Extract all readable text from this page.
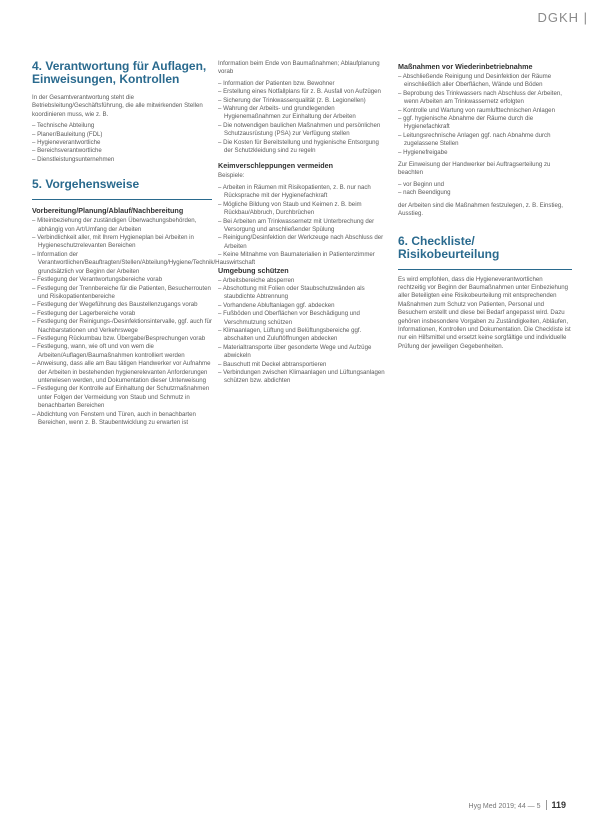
DGKH |
4. Verantwortung für Auflagen, Einweisungen, Kontrollen

In der Gesamtverantwortung steht die Betriebsleitung/Geschäftsführung, die alle mitwirkenden Stellen koordinieren muss, wie z. B.

– Technische Abteilung
– Planer/Bauleitung (FDL)
– Hygieneverantwortliche
– Bereichsverantwortliche
– Dienstleistungsunternehmen
5. Vorgehensweise
Vorbereitung/Planung/Ablauf/Nachbereitung
– Miteinbeziehung der zuständigen Überwachungsbehörden, abhängig von Art/Umfang der Arbeiten
– Verbindlichkeit aller, mit Ihrem Hygieneplan bei Arbeiten in Hygieneschutzrelevanten Bereichen
– Information der Verantwortlichen/Beauftragten/Stellen/Abteilung/Hygiene/Technik/Hauswirtschaft grundsätzlich vor Beginn der Arbeiten
– Festlegung der Verantwortungsbereiche vorab
– Festlegung der Trennbereiche für die Patienten, Besucherrouten und Risikopatientenbereiche
– Festlegung der Wegeführung des Baustellenzugangs vorab
– Festlegung der Lagerbereiche vorab
– Festlegung der Reinigungs-/Desinfektionsintervalle, ggf. auch für Nachbarstationen und Verkehrswege
– Festlegung Rückumbau bzw. Übergabe/Besprechungen vorab
– Festlegung, wann, wie oft und von wem die Arbeiten/Auflagen/Baumaßnahmen kontrolliert werden
– Anweisung, dass alle am Bau tätigen Handwerker vor Aufnahme der Arbeiten in bestehenden hygienerelevanten Anforderungen unterwiesen werden, und Dokumentation dieser Unterweisung
– Festlegung der Kontrolle auf Einhaltung der Schutzmaßnahmen unter Folgen der Vermeidung von Staub und Schmutz in benachbarten Bereichen
– Abdichtung von Fenstern und Türen, auch in benachbarten Bereichen, wenn z. B. Staubentwicklung zu erwarten ist

Information beim Ende von Baumaßnahmen; Ablaufplanung vorab

– Information der Patienten bzw. Bewohner
– Erstellung eines Notfallplans für z. B. Ausfall von Aufzügen
– Sicherung der Trinkwasserqualität (z. B. Legionellen)
– Wahrung der Arbeits- und grundlegenden Hygienemaßnahmen zur Einhaltung der Arbeiten
– Die notwendigen baulichen Maßnahmen und persönlichen Schutzausrüstung (PSA) zur Verfügung stellen
– Die Kosten für Bereitstellung und hygienische Entsorgung der Schutzkleidung sind zu regeln
Keimverschleppungen vermeiden

Beispiele:

– Arbeiten in Räumen mit Risikopatienten, z. B. nur nach Rücksprache mit der Hygienefachkraft
– Mögliche Bildung von Staub und Keimen z. B. beim Rückbau/Abbruch, Durchbrüchen
– Bei Arbeiten am Trinkwassernetz mit Unterbrechung der Versorgung und anschließender Spülung
– Reinigung/Desinfektion der Werkzeuge nach Abschluss der Arbeiten
– Keine Mitnahme von Baumaterialien in Patientenzimmer
Umgebung schützen
– Arbeitsbereiche absperren
– Abschottung mit Folien oder Staubschutzwänden als staubdichte Abtrennung
– Vorhandene Abluftanlagen ggf. abdecken
– Fußböden und Oberflächen vor Beschädigung und Verschmutzung schützen
– Klimaanlagen, Lüftung und Belüftungsbereiche ggf. abschalten und Zuluftöffnungen abdecken
– Materialtransporte über gesonderte Wege und Aufzüge abwickeln
– Bauschutt mit Deckel abtransportieren
– Verbindungen zwischen Klimaanlagen und Lüftungsanlagen schützen bzw. abdichten
Maßnahmen vor Wiederinbetriebnahme
– Abschließende Reinigung und Desinfektion der Räume einschließlich aller Oberflächen, Wände und Böden
– Beprobung des Trinkwassers nach Abschluss der Arbeiten, wenn Arbeiten am Trinkwassernetz erfolgten
– Kontrolle und Wartung von raumlufttechnischen Anlagen
– ggf. hygienische Abnahme der Räume durch die Hygienefachkraft
– Leitungsrechnische Anlagen ggf. nach Abnahme durch zugelassene Stellen
– Hygienefreigabe

Zur Einweisung der Handwerker bei Auftragserteilung zu beachten

– vor Beginn und
– nach Beendigung

der Arbeiten sind die Maßnahmen festzulegen, z. B. Einstieg, Ausstieg.

6. Checkliste/ Risikobeurteilung

Es wird empfohlen, dass die Hygieneverantwortlichen rechtzeitig vor Beginn der Baumaßnahmen unter Einbeziehung aller Beteiligten eine Risikobeurteilung mit entsprechenden Maßnahmen zum Schutz von Patienten, Personal und Besuchern erstellt und diese bei Bedarf angepasst wird. Dazu gehören insbesondere Vorgaben zu Zuständigkeiten, Abläufen, Informationen, Kontrollen und Dokumentation. Die Checkliste ist nur ein Hilfsmittel und ersetzt keine sorgfältige und individuelle Prüfung der jeweiligen Gegebenheiten.

Hyg Med 2019; 44 — 5 119
